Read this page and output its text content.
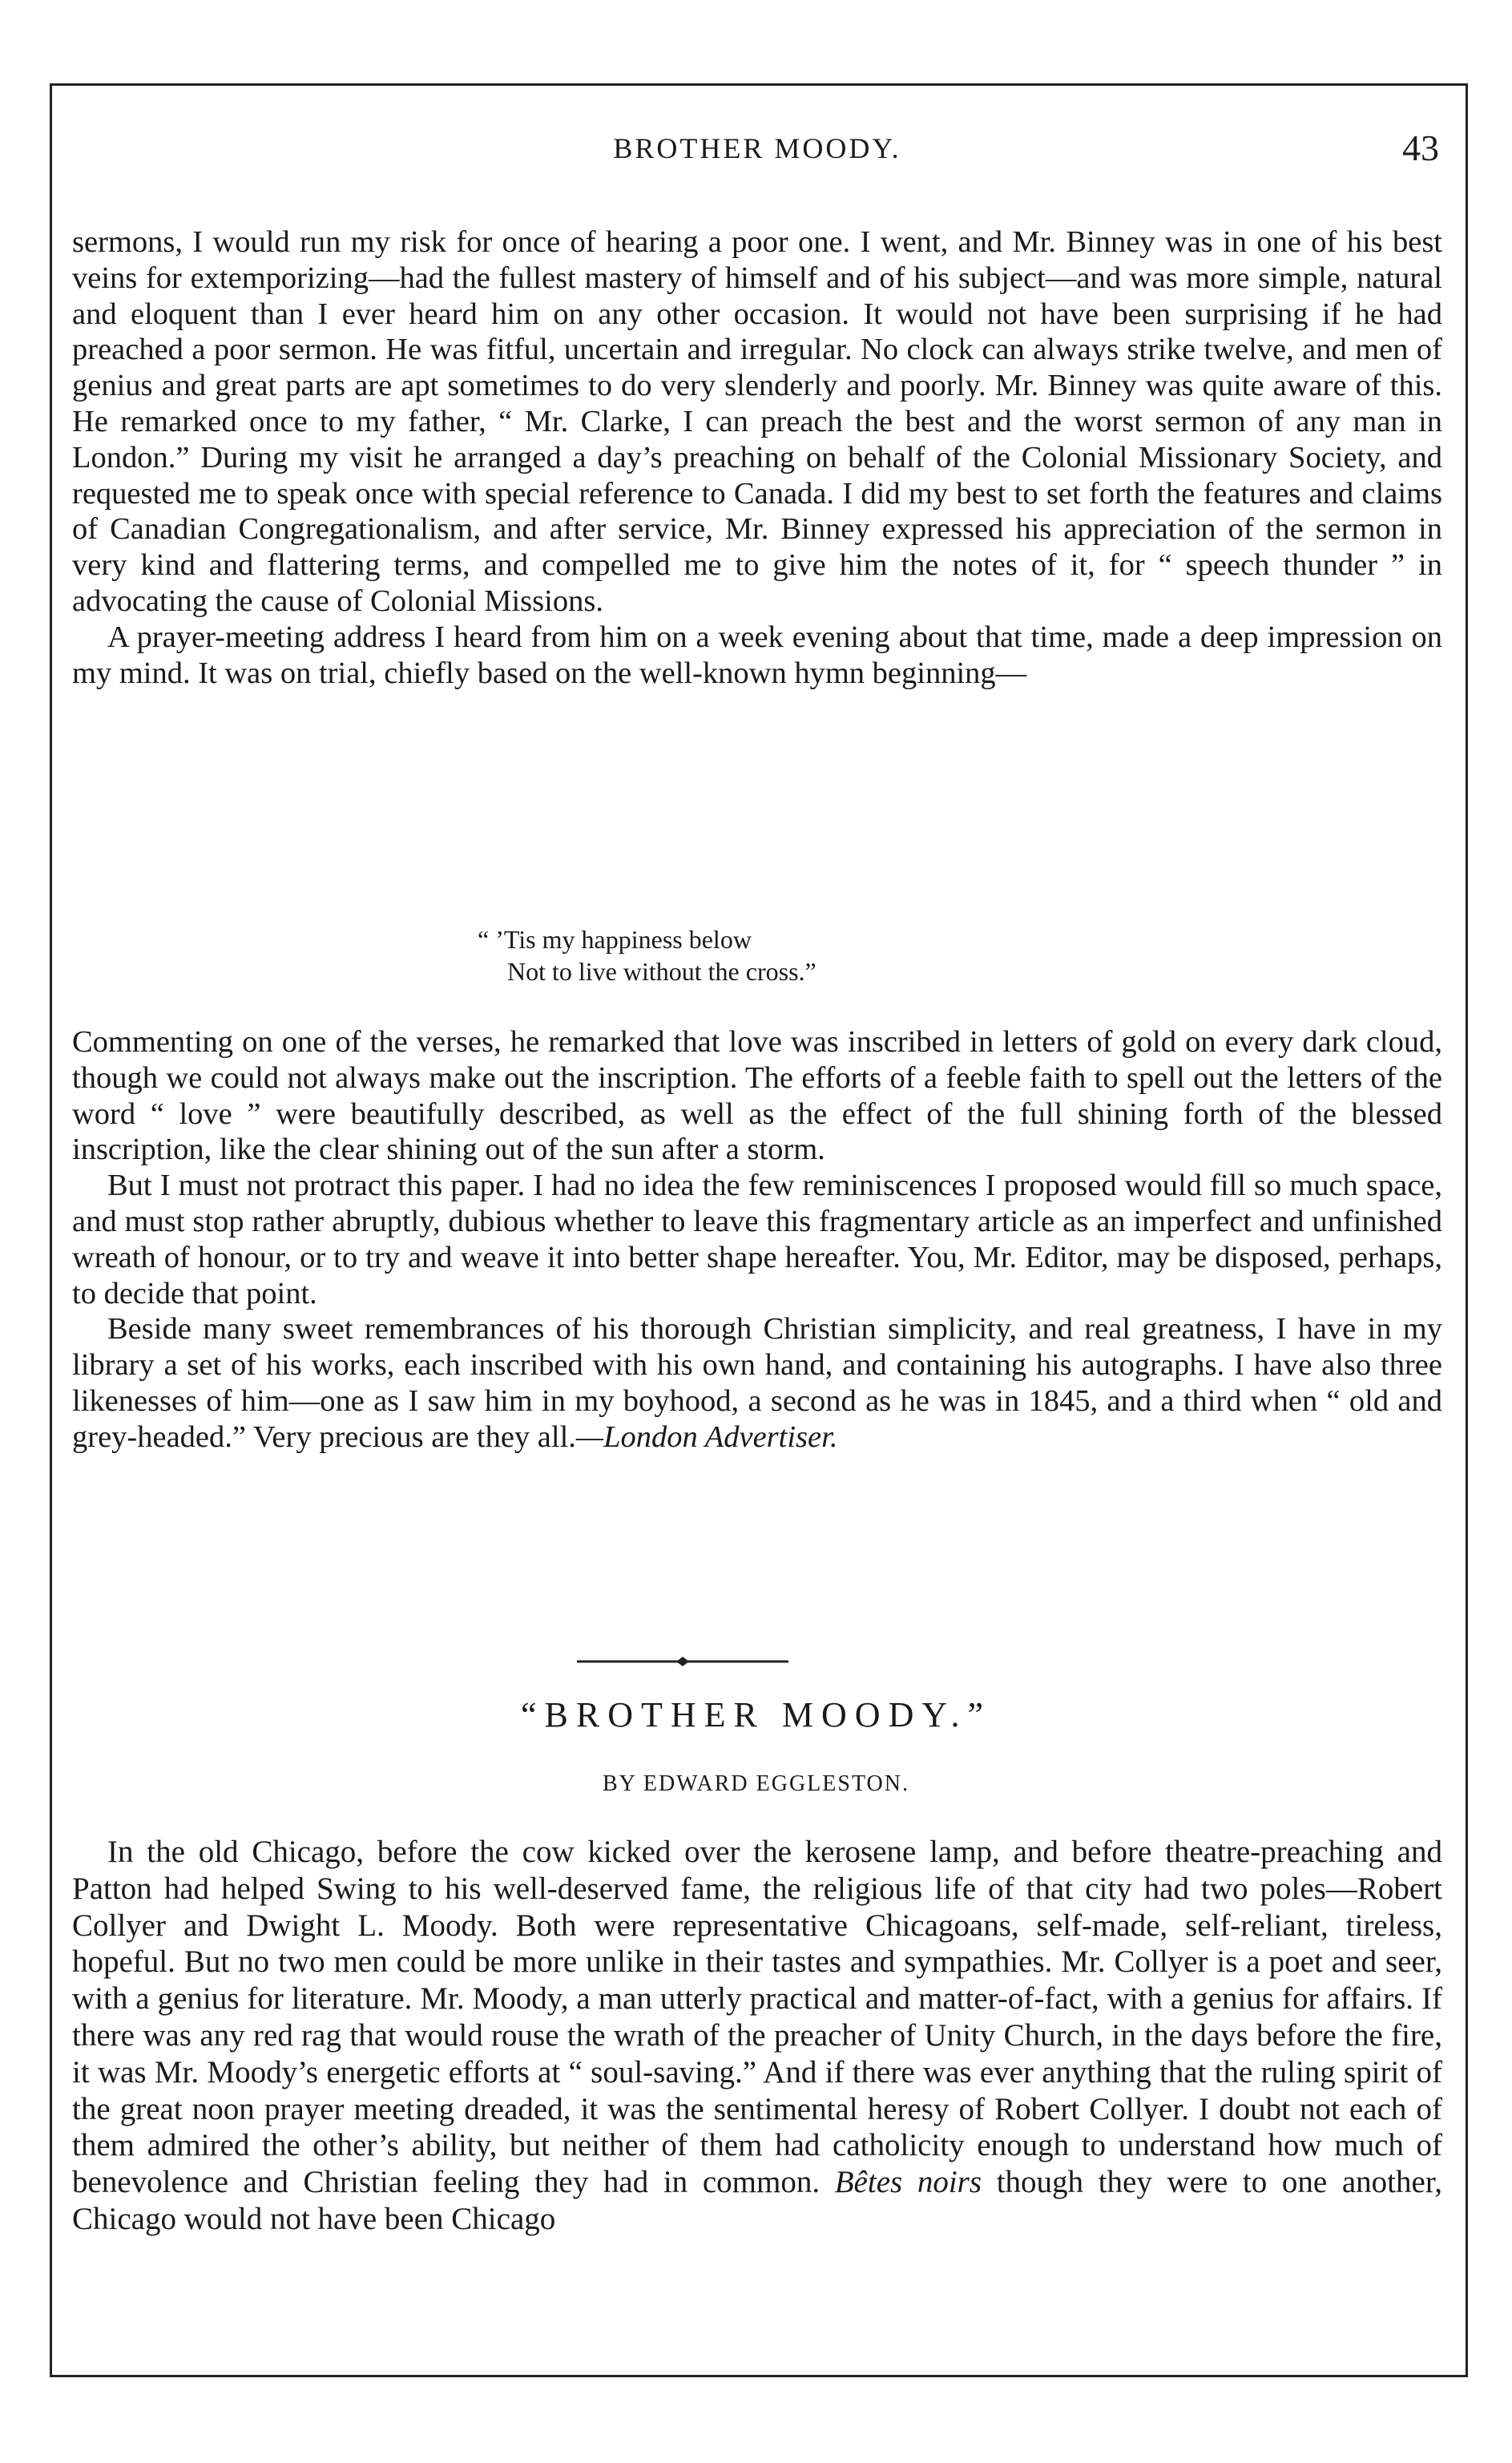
BROTHER MOODY.	43

sermons, I would run my risk for once of hearing a poor one. I went, and Mr. Binney was in one of his best veins for extemporizing—had the fullest mastery of himself and of his subject—and was more simple, natural and eloquent than I ever heard him on any other occasion. It would not have been surprising if he had preached a poor sermon. He was fitful, uncertain and irregular. No clock can always strike twelve, and men of genius and great parts are apt sometimes to do very slenderly and poorly. Mr. Binney was quite aware of this. He remarked once to my father, “ Mr. Clarke, I can preach the best and the worst sermon of any man in London.” During my visit he arranged a day’s preaching on behalf of the Colonial Missionary Society, and requested me to speak once with special reference to Canada. I did my best to set forth the features and claims of Canadian Congregationalism, and after service, Mr. Binney expressed his appreciation of the sermon in very kind and flattering terms, and compelled me to give him the notes of it, for “ speech thunder ” in advocating the cause of Colonial Missions.

A prayer-meeting address I heard from him on a week evening about that time, made a deep impression on my mind. It was on trial, chiefly based on the well-known hymn beginning—

“ ’Tis my happiness below
Not to live without the cross.”

Commenting on one of the verses, he remarked that love was inscribed in letters of gold on every dark cloud, though we could not always make out the inscription. The efforts of a feeble faith to spell out the letters of the word “ love ” were beautifully described, as well as the effect of the full shining forth of the blessed inscription, like the clear shining out of the sun after a storm.

But I must not protract this paper. I had no idea the few reminiscences I proposed would fill so much space, and must stop rather abruptly, dubious whether to leave this fragmentary article as an imperfect and unfinished wreath of honour, or to try and weave it into better shape hereafter. You, Mr. Editor, may be disposed, perhaps, to decide that point.

Beside many sweet remembrances of his thorough Christian simplicity, and real greatness, I have in my library a set of his works, each inscribed with his own hand, and containing his autographs. I have also three likenesses of him—one as I saw him in my boyhood, a second as he was in 1845, and a third when “ old and grey-headed.” Very precious are they all.—London Advertiser.

“BROTHER MOODY.”
BY EDWARD EGGLESTON.

In the old Chicago, before the cow kicked over the kerosene lamp, and before theatre-preaching and Patton had helped Swing to his well-deserved fame, the religious life of that city had two poles—Robert Collyer and Dwight L. Moody. Both were representative Chicagoans, self-made, self-reliant, tireless, hopeful. But no two men could be more unlike in their tastes and sympathies. Mr. Collyer is a poet and seer, with a genius for literature. Mr. Moody, a man utterly practical and matter-of-fact, with a genius for affairs. If there was any red rag that would rouse the wrath of the preacher of Unity Church, in the days before the fire, it was Mr. Moody’s energetic efforts at “ soul-saving.” And if there was ever anything that the ruling spirit of the great noon prayer meeting dreaded, it was the sentimental heresy of Robert Collyer. I doubt not each of them admired the other’s ability, but neither of them had catholicity enough to understand how much of benevolence and Christian feeling they had in common. Bêtes noirs though they were to one another, Chicago would not have been Chicago
